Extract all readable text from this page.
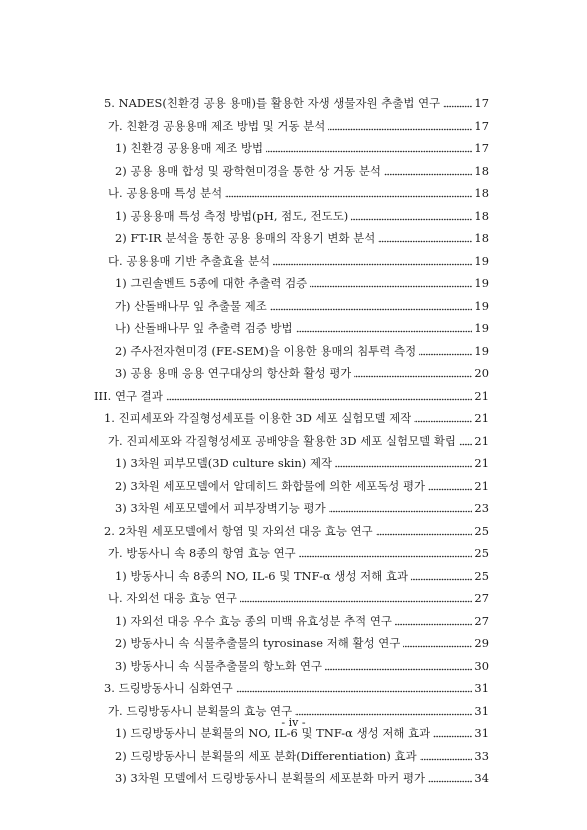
5. NADES(친환경 공용 용매)를 활용한 자생 생물자원 추출법 연구	17
가. 친환경 공용용매 제조 방법 및 거동 분석	17
1) 친환경 공용용매 제조 방법	17
2) 공용 용매 합성 및 광학현미경을 통한 상 거동 분석	18
나. 공용용매 특성 분석	18
1) 공용용매 특성 측정 방법(pH, 점도, 전도도)	18
2) FT-IR 분석을 통한 공용 용매의 작용기 변화 분석	18
다. 공용용매 기반 추출효율 분석	19
1) 그린솔벤트 5종에 대한 추출력 검증	19
가) 산돌배나무 잎 추출물 제조	19
나) 산돌배나무 잎 추출력 검증 방법	19
2) 주사전자현미경 (FE-SEM)을 이용한 용매의 침투력 측정	19
3) 공용 용매 응용 연구대상의 항산화 활성 평가	20
III. 연구 결과	21
1. 진피세포와 각질형성세포를 이용한 3D 세포 실험모델 제작	21
가. 진피세포와 각질형성세포 공배양을 활용한 3D 세포 실험모델 확립 21
1) 3차원 피부모델(3D culture skin) 제작	21
2) 3차원 세포모델에서 알데히드 화합물에 의한 세포독성 평가	21
3) 3차원 세포모델에서 피부장벽기능 평가	23
2. 2차원 세포모델에서 항염 및 자외선 대응 효능 연구	25
가. 방동사니 속 8종의 항염 효능 연구	25
1) 방동사니 속 8종의 NO, IL-6 및 TNF-α 생성 저해 효과	25
나. 자외선 대응 효능 연구	27
1) 자외선 대응 우수 효능 종의 미백 유효성분 추적 연구	27
2) 방동사니 속 식물추출물의 tyrosinase 저해 활성 연구	29
3) 방동사니 속 식물추출물의 항노화 연구	30
3. 드링방동사니 심화연구	31
가. 드링방동사니 분획물의 효능 연구	31
1) 드링방동사니 분획물의 NO, IL-6 및 TNF-α 생성 저해 효과	31
2) 드링방동사니 분획물의 세포 분화(Differentiation) 효과	33
3) 3차원 모델에서 드링방동사니 분획물의 세포분화 마커 평가	34
- iv -
